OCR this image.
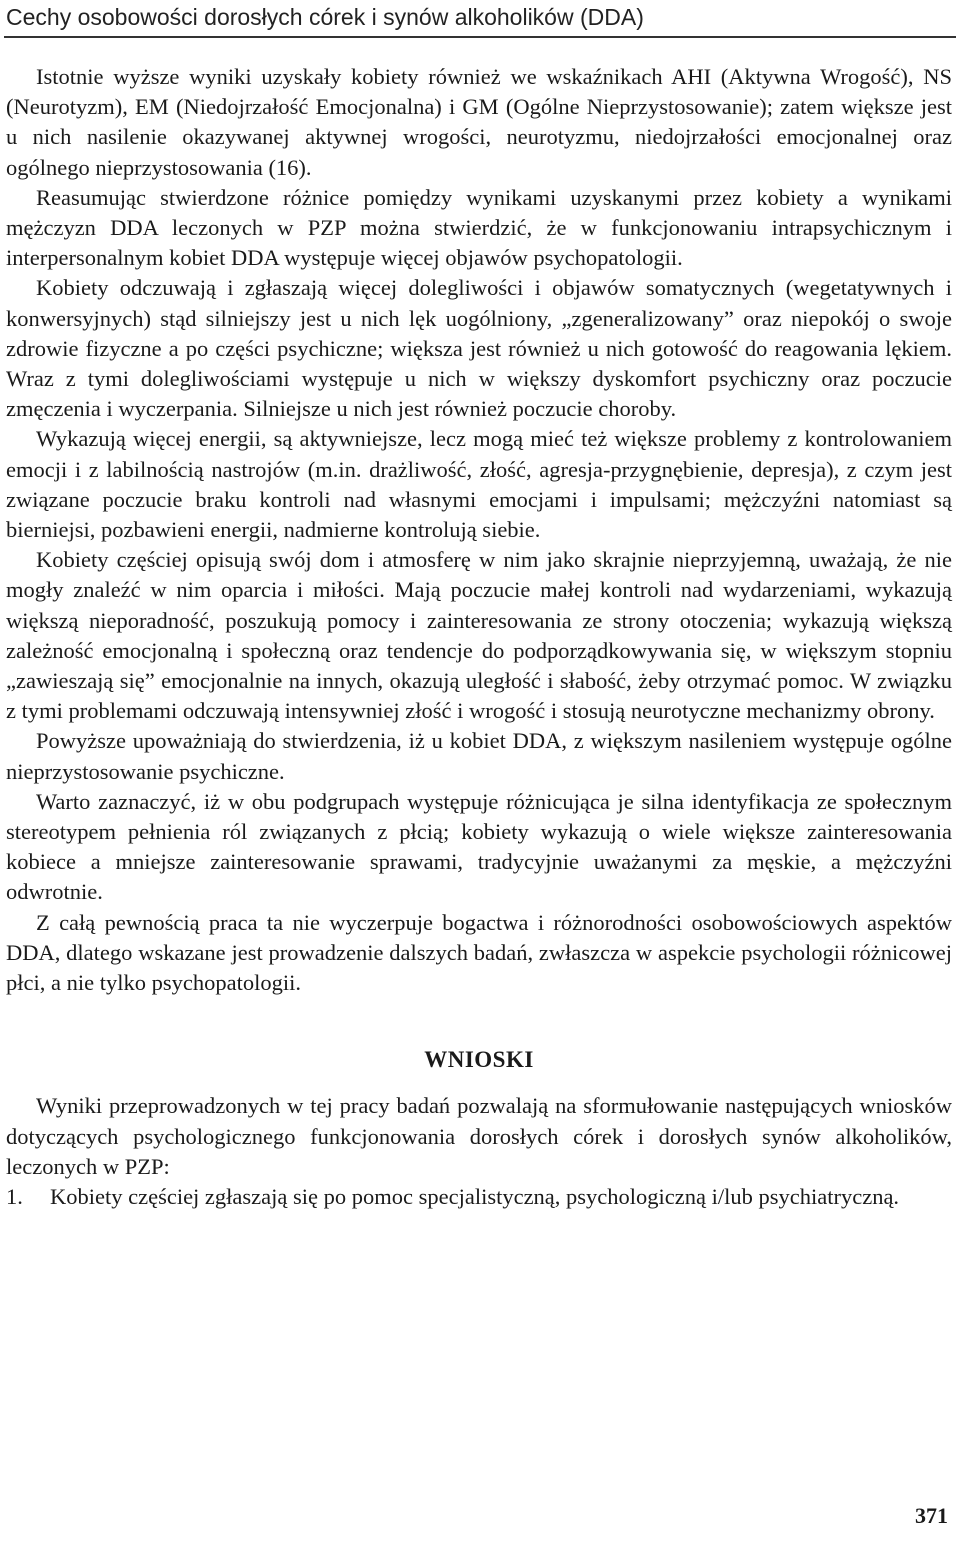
Cechy osobowości dorosłych córek i synów alkoholików (DDA)

Istotnie wyższe wyniki uzyskały kobiety również we wskaźnikach AHI (Aktywna Wrogość), NS (Neurotyzm), EM (Niedojrzałość Emocjonalna) i GM (Ogólne Nieprzystosowanie); zatem większe jest u nich nasilenie okazywanej aktywnej wrogości, neurotyzmu, niedojrzałości emocjonalnej oraz ogólnego nieprzystosowania (16).

Reasumując stwierdzone różnice pomiędzy wynikami uzyskanymi przez kobiety a wynikami mężczyzn DDA leczonych w PZP można stwierdzić, że w funkcjonowaniu intrapsychicznym i interpersonalnym kobiet DDA występuje więcej objawów psychopatologii.

Kobiety odczuwają i zgłaszają więcej dolegliwości i objawów somatycznych (wegetatywnych i konwersyjnych) stąd silniejszy jest u nich lęk uogólniony, „zgeneralizowany” oraz niepokój o swoje zdrowie fizyczne a po części psychiczne; większa jest również u nich gotowość do reagowania lękiem. Wraz z tymi dolegliwościami występuje u nich w większy dyskomfort psychiczny oraz poczucie zmęczenia i wyczerpania. Silniejsze u nich jest również poczucie choroby.

Wykazują więcej energii, są aktywniejsze, lecz mogą mieć też większe problemy z kontrolowaniem emocji i z labilnością nastrojów (m.in. drażliwość, złość, agresja-przygnębienie, depresja), z czym jest związane poczucie braku kontroli nad własnymi emocjami i impulsami; mężczyźni natomiast są bierniejsi, pozbawieni energii, nadmierne kontrolują siebie.

Kobiety częściej opisują swój dom i atmosferę w nim jako skrajnie nieprzyjemną, uważają, że nie mogły znaleźć w nim oparcia i miłości. Mają poczucie małej kontroli nad wydarzeniami, wykazują większą nieporadność, poszukują pomocy i zainteresowania ze strony otoczenia; wykazują większą zależność emocjonalną i społeczną oraz tendencje do podporządkowywania się, w większym stopniu „zawieszają się” emocjonalnie na innych, okazują uległość i słabość, żeby otrzymać pomoc. W związku z tymi problemami odczuwają intensywniej złość i wrogość i stosują neurotyczne mechanizmy obrony.

Powyższe upoważniają do stwierdzenia, iż u kobiet DDA, z większym nasileniem występuje ogólne nieprzystosowanie psychiczne.

Warto zaznaczyć, iż w obu podgrupach występuje różnicująca je silna identyfikacja ze społecznym stereotypem pełnienia ról związanych z płcią; kobiety wykazują o wiele większe zainteresowania kobiece a mniejsze zainteresowanie sprawami, tradycyjnie uważanymi za męskie, a mężczyźni odwrotnie.

Z całą pewnością praca ta nie wyczerpuje bogactwa i różnorodności osobowościowych aspektów DDA, dlatego wskazane jest prowadzenie dalszych badań, zwłaszcza w aspekcie psychologii różnicowej płci, a nie tylko psychopatologii.

WNIOSKI

Wyniki przeprowadzonych w tej pracy badań pozwalają na sformułowanie następujących wniosków dotyczących psychologicznego funkcjonowania dorosłych córek i dorosłych synów alkoholików, leczonych w PZP:

1.	Kobiety częściej zgłaszają się po pomoc specjalistyczną, psychologiczną i/lub psychiatryczną.
371
